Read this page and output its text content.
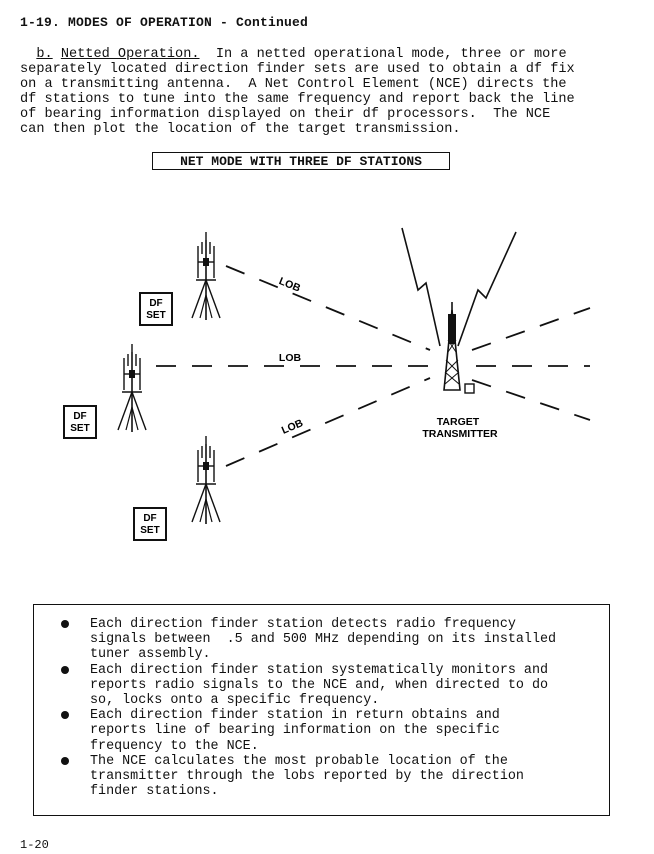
1-19. MODES OF OPERATION - Continued
b. Netted Operation.  In a netted operational mode, three or more
separately located direction finder sets are used to obtain a df fix
on a transmitting antenna.  A Net Control Element (NCE) directs the
df stations to tune into the same frequency and report back the line
of bearing information displayed on their df processors.  The NCE
can then plot the location of the target transmission.
NET MODE WITH THREE DF STATIONS
TARGET
TRANSMITTER
DF
SET
DF
SET
DF
SET
LOB
LOB
LOB
Each direction finder station detects radio frequency
signals between  .5 and 500 MHz depending on its installed
tuner assembly.
Each direction finder station systematically monitors and
reports radio signals to the NCE and, when directed to do
so, locks onto a specific frequency.
Each direction finder station in return obtains and
reports line of bearing information on the specific
frequency to the NCE.
The NCE calculates the most probable location of the
transmitter through the lobs reported by the direction
finder stations.
1-20
